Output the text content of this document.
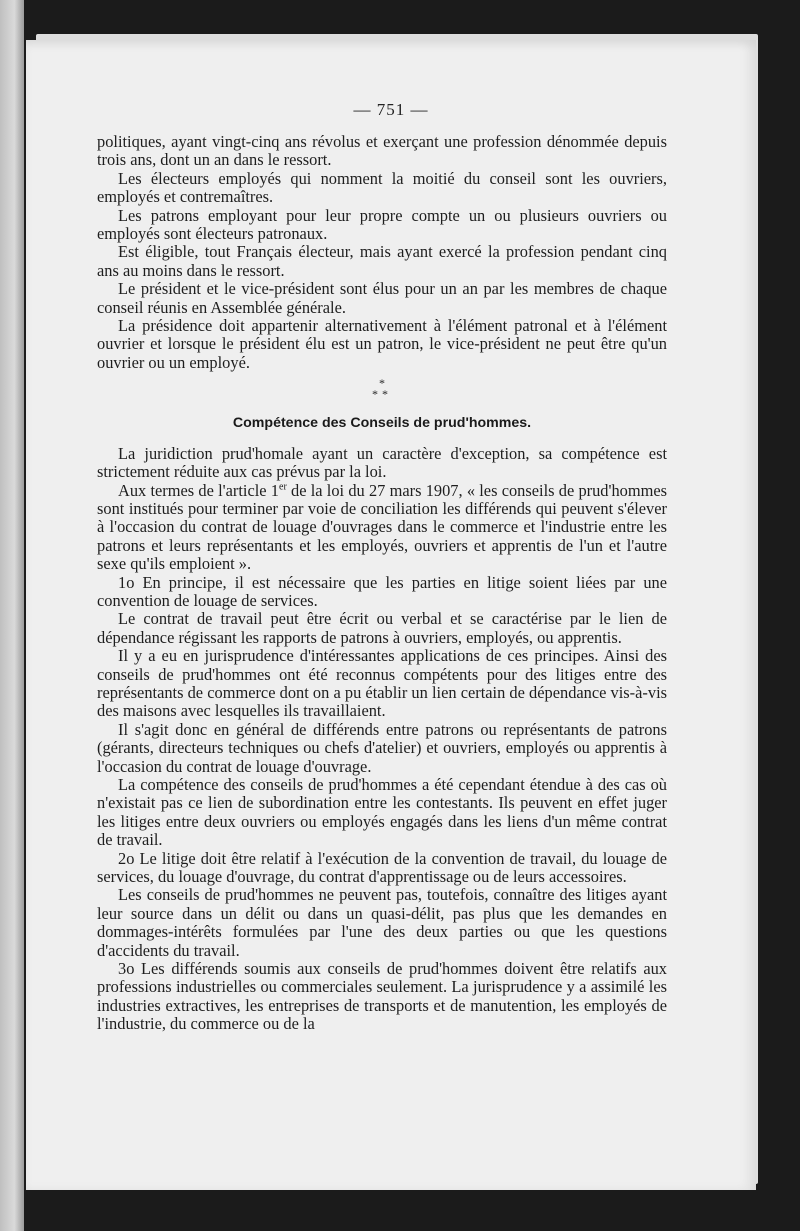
— 751 —

politiques, ayant vingt-cinq ans révolus et exerçant une profession dénommée depuis trois ans, dont un an dans le ressort.

Les électeurs employés qui nomment la moitié du conseil sont les ouvriers, employés et contremaîtres.

Les patrons employant pour leur propre compte un ou plusieurs ouvriers ou employés sont électeurs patronaux.

Est éligible, tout Français électeur, mais ayant exercé la profession pendant cinq ans au moins dans le ressort.

Le président et le vice-président sont élus pour un an par les membres de chaque conseil réunis en Assemblée générale.

La présidence doit appartenir alternativement à l'élément patronal et à l'élément ouvrier et lorsque le président élu est un patron, le vice-président ne peut être qu'un ouvrier ou un employé.

*
**
Compétence des Conseils de prud'hommes.

La juridiction prud'homale ayant un caractère d'exception, sa compétence est strictement réduite aux cas prévus par la loi.

Aux termes de l'article 1er de la loi du 27 mars 1907, « les conseils de prud'hommes sont institués pour terminer par voie de conciliation les différends qui peuvent s'élever à l'occasion du contrat de louage d'ouvrages dans le commerce et l'industrie entre les patrons et leurs représentants et les employés, ouvriers et apprentis de l'un et l'autre sexe qu'ils emploient ».

1o En principe, il est nécessaire que les parties en litige soient liées par une convention de louage de services.

Le contrat de travail peut être écrit ou verbal et se caractérise par le lien de dépendance régissant les rapports de patrons à ouvriers, employés, ou apprentis.

Il y a eu en jurisprudence d'intéressantes applications de ces principes. Ainsi des conseils de prud'hommes ont été reconnus compétents pour des litiges entre des représentants de commerce dont on a pu établir un lien certain de dépendance vis-à-vis des maisons avec lesquelles ils travaillaient.

Il s'agit donc en général de différends entre patrons ou représentants de patrons (gérants, directeurs techniques ou chefs d'atelier) et ouvriers, employés ou apprentis à l'occasion du contrat de louage d'ouvrage.

La compétence des conseils de prud'hommes a été cependant étendue à des cas où n'existait pas ce lien de subordination entre les contestants. Ils peuvent en effet juger les litiges entre deux ouvriers ou employés engagés dans les liens d'un même contrat de travail.

2o Le litige doit être relatif à l'exécution de la convention de travail, du louage de services, du louage d'ouvrage, du contrat d'apprentissage ou de leurs accessoires.

Les conseils de prud'hommes ne peuvent pas, toutefois, connaître des litiges ayant leur source dans un délit ou dans un quasi-délit, pas plus que les demandes en dommages-intérêts formulées par l'une des deux parties ou que les questions d'accidents du travail.

3o Les différends soumis aux conseils de prud'hommes doivent être relatifs aux professions industrielles ou commerciales seulement. La jurisprudence y a assimilé les industries extractives, les entreprises de transports et de manutention, les employés de l'industrie, du commerce ou de la
